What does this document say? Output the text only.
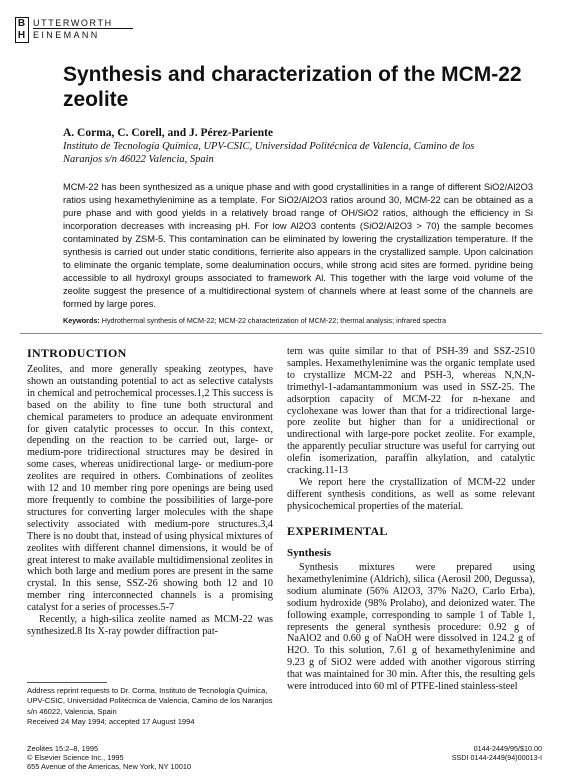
B
H
UTTERWORTH
EINEMANN
Synthesis and characterization of the MCM-22 zeolite
A. Corma, C. Corell, and J. Pérez-Pariente
Instituto de Tecnología Química, UPV-CSIC, Universidad Politécnica de Valencia, Camino de los Naranjos s/n 46022 Valencia, Spain
MCM-22 has been synthesized as a unique phase and with good crystallinities in a range of different SiO2/Al2O3 ratios using hexamethylenimine as a template. For SiO2/Al2O3 ratios around 30, MCM-22 can be obtained as a pure phase and with good yields in a relatively broad range of OH/SiO2 ratios, although the efficiency in Si incorporation decreases with increasing pH. For low Al2O3 contents (SiO2/Al2O3 > 70) the sample becomes contaminated by ZSM-5. This contamination can be eliminated by lowering the crystallization temperature. If the synthesis is carried out under static conditions, ferrierite also appears in the crystallized sample. Upon calcination to eliminate the organic template, some dealumination occurs, while strong acid sites are formed. pyridine being accessible to all hydroxyl groups associated to framework Al. This together with the large void volume of the zeolite suggest the presence of a multidirectional system of channels where at least some of the channels are formed by large pores.
Keywords: Hydrothermal synthesis of MCM-22; MCM-22 characterization of MCM-22; thermal analysis; infrared spectra
INTRODUCTION
Zeolites, and more generally speaking zeotypes, have shown an outstanding potential to act as selective catalysts in chemical and petrochemical processes.1,2 This success is based on the ability to fine tune both structural and chemical parameters to produce an adequate environment for given catalytic processes to occur. In this context, depending on the reaction to be carried out, large- or medium-pore tridirectional structures may be desired in some cases, whereas unidirectional large- or medium-pore zeolites are required in others. Combinations of zeolites with 12 and 10 member ring pore openings are being used more frequently to combine the possibilities of large-pore structures for converting larger molecules with the shape selectivity associated with medium-pore structures.3,4 There is no doubt that, instead of using physical mixtures of zeolites with different channel dimensions, it would be of great interest to make available multidimensional zeolites in which both large and medium pores are present in the same crystal. In this sense, SSZ-26 showing both 12 and 10 member ring interconnected channels is a promising catalyst for a series of processes.5-7
Recently, a high-silica zeolite named as MCM-22 was synthesized.8 Its X-ray powder diffraction pat-
Address reprint requests to Dr. Corma, Instituto de Tecnología Química, UPV-CSIC, Universidad Politécnica de Valencia, Camino de los Naranjos s/n 46022, Valencia, Spain
Received 24 May 1994; accepted 17 August 1994
tern was quite similar to that of PSH-39 and SSZ-2510 samples. Hexamethylenimine was the organic template used to crystallize MCM-22 and PSH-3, whereas N,N,N-trimethyl-1-adamantammonium was used in SSZ-25. The adsorption capacity of MCM-22 for n-hexane and cyclohexane was lower than that for a tridirectional large-pore zeolite but higher than for a unidirectional or undirectional with large-pore pocket zeolite. For example, the apparently peculiar structure was useful for carrying out olefin isomerization, paraffin alkylation, and catalytic cracking.11-13
We report here the crystallization of MCM-22 under different synthesis conditions, as well as some relevant physicochemical properties of the material.
EXPERIMENTAL
Synthesis
Synthesis mixtures were prepared using hexamethylenimine (Aldrich), silica (Aerosil 200, Degussa), sodium aluminate (56% Al2O3, 37% Na2O, Carlo Erba), sodium hydroxide (98% Prolabo), and deionized water. The following example, corresponding to sample 1 of Table 1, represents the general synthesis procedure: 0.92 g of NaAlO2 and 0.60 g of NaOH were dissolved in 124.2 g of H2O. To this solution, 7.61 g of hexamethylenimine and 9.23 g of SiO2 were added with another vigorous stirring that was maintained for 30 min. After this, the resulting gels were introduced into 60 ml of PTFE-lined stainless-steel
Zeolites 15:2–8, 1995
© Elsevier Science Inc., 1995
655 Avenue of the Americas, New York, NY 10010
0144-2449/95/$10.00
SSDI 0144-2449(94)00013-I
